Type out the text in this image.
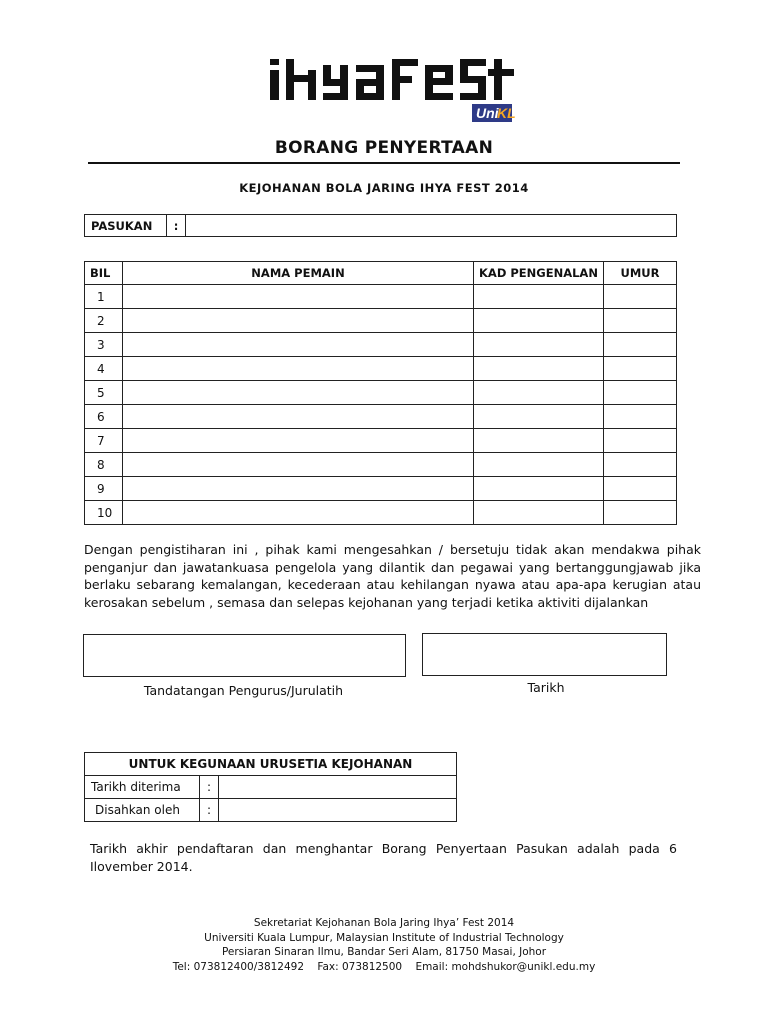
Uni
KL
BORANG PENYERTAAN
KEJOHANAN BOLA JARING IHYA FEST 2014
PASUKAN	:	
BIL	NAMA PEMAIN	KAD PENGENALAN	UMUR
1			
2			
3			
4			
5			
6			
7			
8			
9			
10			
Dengan pengistiharan ini , pihak kami mengesahkan / bersetuju tidak akan mendakwa pihak penganjur dan jawatankuasa pengelola yang dilantik dan pegawai yang bertanggungjawab jika berlaku sebarang kemalangan, kecederaan atau kehilangan nyawa atau apa-apa kerugian atau kerosakan sebelum , semasa dan selepas kejohanan yang terjadi ketika aktiviti dijalankan
Tandatangan Pengurus/Jurulatih	Tarikh
UNTUK KEGUNAAN URUSETIA KEJOHANAN		
Tarikh diterima	:	
Disahkan oleh	:	
Tarikh akhir pendaftaran dan menghantar Borang Penyertaan Pasukan adalah pada 6 Ilovember 2014.
Sekretariat Kejohanan Bola Jaring Ihya’ Fest 2014
Universiti Kuala Lumpur, Malaysian Institute of Industrial Technology
Persiaran Sinaran Ilmu, Bandar Seri Alam, 81750 Masai, Johor
Tel: 073812400/3812492    Fax: 073812500    Email: mohdshukor@unikl.edu.my
